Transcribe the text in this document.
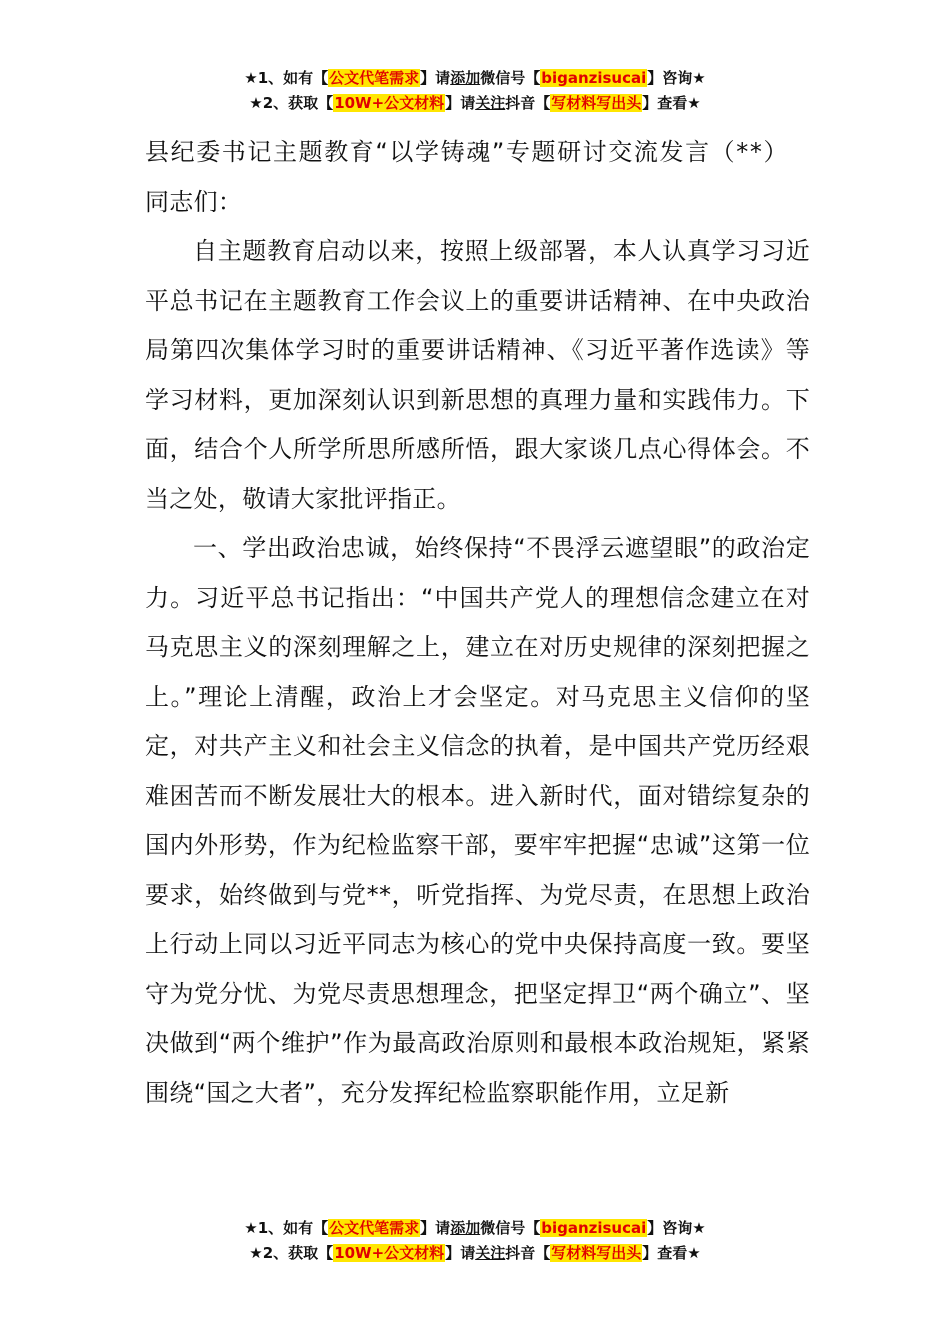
★1、如有【公文代笔需求】请添加微信号【biganzisucai】咨询★
★2、获取【10W+公文材料】请关注抖音【写材料写出头】查看★

县纪委书记主题教育“以学铸魂”专题研讨交流发言（**）

同志们：

自主题教育启动以来，按照上级部署，本人认真学习习近平总书记在主题教育工作会议上的重要讲话精神、在中央政治局第四次集体学习时的重要讲话精神、《习近平著作选读》等学习材料，更加深刻认识到新思想的真理力量和实践伟力。下面，结合个人所学所思所感所悟，跟大家谈几点心得体会。不当之处，敬请大家批评指正。

一、学出政治忠诚，始终保持“不畏浮云遮望眼”的政治定力。习近平总书记指出：“中国共产党人的理想信念建立在对马克思主义的深刻理解之上，建立在对历史规律的深刻把握之上。”理论上清醒，政治上才会坚定。对马克思主义信仰的坚定，对共产主义和社会主义信念的执着，是中国共产党历经艰难困苦而不断发展壮大的根本。进入新时代，面对错综复杂的国内外形势，作为纪检监察干部，要牢牢把握“忠诚”这第一位要求，始终做到与党**，听党指挥、为党尽责，在思想上政治上行动上同以习近平同志为核心的党中央保持高度一致。要坚守为党分忧、为党尽责思想理念，把坚定捍卫“两个确立”、坚决做到“两个维护”作为最高政治原则和最根本政治规矩，紧紧围绕“国之大者”，充分发挥纪检监察职能作用，立足新

★1、如有【公文代笔需求】请添加微信号【biganzisucai】咨询★
★2、获取【10W+公文材料】请关注抖音【写材料写出头】查看★
